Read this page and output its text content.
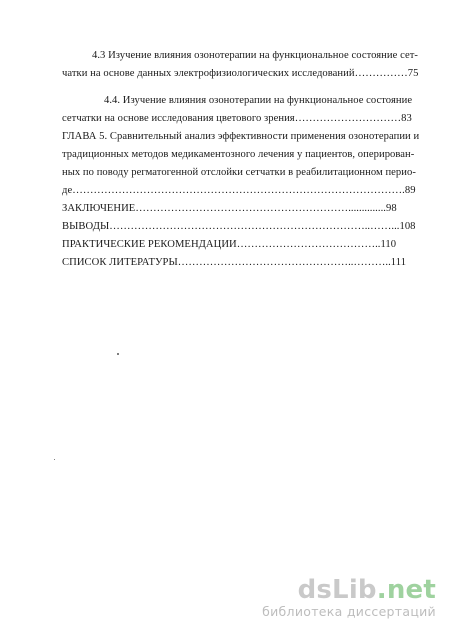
4.3 Изучение влияния озонотерапии на функциональное состояние сет-
чатки на основе данных электрофизиологических исследований……………75
4.4. Изучение влияния озонотерапии на функциональное состояние
сетчатки на основе исследования цветового зрения…………………………83
ГЛАВА 5. Сравнительный анализ эффективности применения озонотерапии и
традиционных методов медикаментозного лечения у пациентов, оперирован-
ных по поводу регматогенной отслойки сетчатки в реабилитационном перио-
де………………………………………………………………………………….89
ЗАКЛЮЧЕНИЕ……………………………………………………..............98
ВЫВОДЫ………………………………………………………………..……...108
ПРАКТИЧЕСКИЕ РЕКОМЕНДАЦИИ…………………………………..110
СПИСОК ЛИТЕРАТУРЫ…………………………………………..………..111
dsLib.net
библиотека диссертаций
